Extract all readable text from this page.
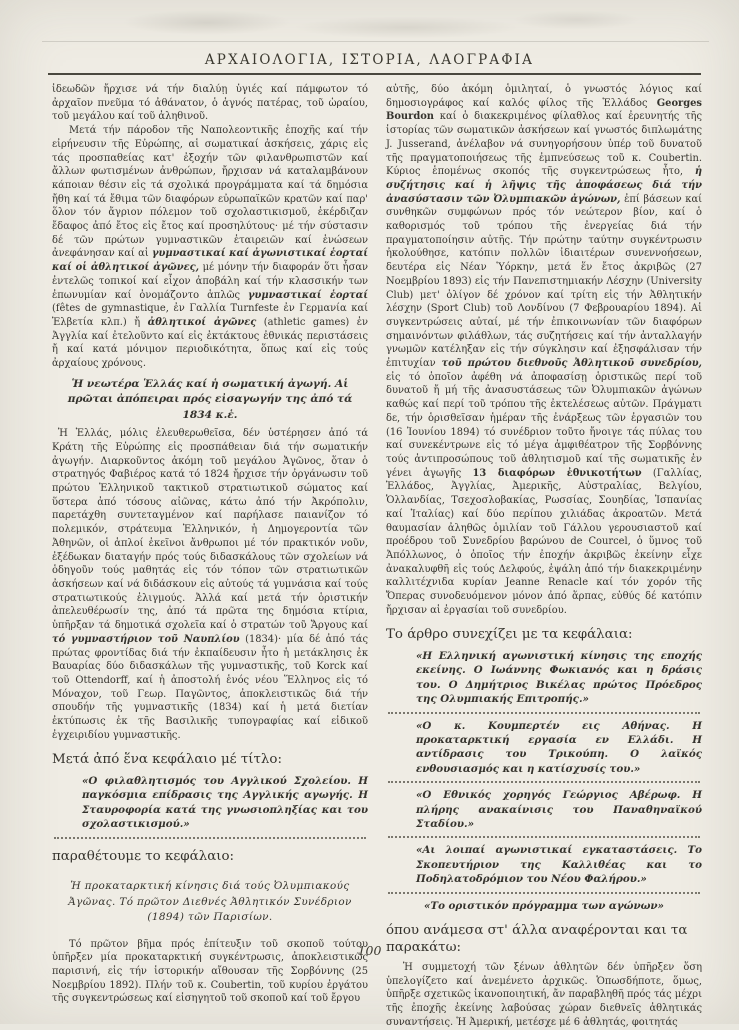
ΑΡΧΑΙΟΛΟΓΙΑ, ΙΣΤΟΡΙΑ, ΛΑΟΓΡΑΦΙΑ

ἰδεωδῶν ἤρχισε νά τήν διαλύῃ ὑγιές καί πάμφωτον τό ἀρχαῖον πνεῦμα τό ἀθάνατον, ὁ ἁγνός πατέρας, τοῦ ὡραίου, τοῦ μεγάλου καί τοῦ ἀληθινοῦ.

Μετά τήν πάροδον τῆς Ναπολεοντικῆς ἐποχῆς καί τήν εἰρήνευσιν τῆς Εὐρώπης, αἱ σωματικαί ἀσκήσεις, χάρις εἰς τάς προσπαθείας κατ' ἐξοχήν τῶν φιλανθρωπιστῶν καί ἄλλων φωτισμένων ἀνθρώπων, ἤρχισαν νά καταλαμβάνουν κάποιαν θέσιν εἰς τά σχολικά προγράμματα καί τά δημόσια ἤθη καί τά ἔθιμα τῶν διαφόρων εὐρωπαϊκῶν κρατῶν καί παρ' ὅλον τόν ἄγριον πόλεμον τοῦ σχολαστικισμοῦ, ἐκέρδιζαν ἔδαφος ἀπό ἔτος εἰς ἔτος καί προσηλύτους· μέ τήν σύστασιν δέ τῶν πρώτων γυμναστικῶν ἑταιρειῶν καί ἑνώσεων ἀνεφάνησαν καί αἱ γυμναστικαί καί ἀγωνιστικαί ἑορταί καί οἱ ἀθλητικοί ἀγῶνες, μέ μόνην τήν διαφοράν ὅτι ἦσαν ἐντελῶς τοπικοί καί εἶχον ἀποβάλη καί τήν κλασσικήν των ἐπωνυμίαν καί ὀνομάζοντο ἁπλῶς γυμναστικαί ἑορταί (fêtes de gymnastique, ἐν Γαλλία Turnfeste ἐν Γερμανία καί Ἑλβετία κλπ.) ἤ ἀθλητικοί ἀγῶνες (athletic games) ἐν Ἀγγλία καί ἐτελοῦντο καί εἰς ἐκτάκτους ἐθνικάς περιστάσεις ἤ καί κατά μόνιμον περιοδικότητα, ὅπως καί εἰς τούς ἀρχαίους χρόνους.

Ἡ νεωτέρα Ἑλλάς καί ἡ σωματική ἀγωγή. Αἱ πρῶται ἀπόπειραι πρός εἰσαγωγήν της ἀπό τά 1834 κ.ἑ.

Ἡ Ἑλλάς, μόλις ἐλευθερωθεῖσα, δέν ὑστέρησεν ἀπό τά Κράτη τῆς Εὐρώπης εἰς προσπάθειαν διά τήν σωματικήν ἀγωγήν. Διαρκοῦντος ἀκόμη τοῦ μεγάλου Ἀγῶνος, ὅταν ὁ στρατηγός Φαβιέρος κατά τό 1824 ἤρχισε τήν ὀργάνωσιν τοῦ πρώτου Ἑλληνικοῦ τακτικοῦ στρατιωτικοῦ σώματος καί ὕστερα ἀπό τόσους αἰῶνας, κάτω ἀπό τήν Ἀκρόπολιν, παρετάχθη συντεταγμένον καί παρήλασε παιανίζον τό πολεμικόν, στράτευμα Ἑλληνικόν, ἡ Δημογεροντία τῶν Ἀθηνῶν, οἱ ἁπλοί ἐκεῖνοι ἄνθρωποι μέ τόν πρακτικόν νοῦν, ἐξέδωκαν διαταγήν πρός τούς διδασκάλους τῶν σχολείων νά ὁδηγοῦν τούς μαθητάς εἰς τόν τόπον τῶν στρατιωτικῶν ἀσκήσεων καί νά διδάσκουν εἰς αὐτούς τά γυμνάσια καί τούς στρατιωτικούς ἑλιγμούς. Ἀλλά καί μετά τήν ὁριστικήν ἀπελευθέρωσίν της, ἀπό τά πρῶτα της δημόσια κτίρια, ὑπῆρξαν τά δημοτικά σχολεῖα καί ὁ στρατών τοῦ Ἄργους καί τό γυμναστήριον τοῦ Ναυπλίου (1834)· μία δέ ἀπό τάς πρώτας φροντίδας διά τήν ἐκπαίδευσιν ἦτο ἡ μετάκλησις ἐκ Βαυαρίας δύο διδασκάλων τῆς γυμναστικῆς, τοῦ Korck καί τοῦ Ottendorff, καί ἡ ἀποστολή ἑνός νέου Ἕλληνος εἰς τό Μόναχον, τοῦ Γεωρ. Παγῶντος, ἀποκλειστικῶς διά τήν σπουδήν τῆς γυμναστικῆς (1834) καί ἡ μετά διετίαν ἐκτύπωσις ἐκ τῆς Βασιλικῆς τυπογραφίας καί εἰδικοῦ ἐγχειριδίου γυμναστικῆς.

Μετά ἀπό ἕνα κεφάλαιο μέ τίτλο:

«Ο φιλαθλητισμός του Αγγλικού Σχολείου. Η παγκόσμια επίδρασις της Αγγλικής αγωγής. Η Σταυροφορία κατά της γνωσιοπληξίας και του σχολαστικισμού.»

παραθέτουμε το κεφάλαιο:

Ἡ προκαταρκτική κίνησις διά τούς Ὀλυμπιακούς Ἀγῶνας. Τό πρῶτον Διεθνές Ἀθλητικόν Συνέδριον (1894) τῶν Παρισίων.

Τό πρῶτον βῆμα πρός ἐπίτευξιν τοῦ σκοποῦ τούτου ὑπῆρξεν μία προκαταρκτική συγκέντρωσις, ἀποκλειστικῶς παρισινή, εἰς τήν ἱστορικήν αἴθουσαν τῆς Σορβόννης (25 Νοεμβρίου 1892). Πλήν τοῦ κ. Coubertin, τοῦ κυρίου ἐργάτου τῆς συγκεντρώσεως καί εἰσηγητοῦ τοῦ σκοποῦ καί τοῦ ἔργου

αὐτῆς, δύο ἀκόμη ὁμιληταί, ὁ γνωστός λόγιος καί δημοσιογράφος καί καλός φίλος τῆς Ἑλλάδος Georges Bourdon καί ὁ διακεκριμένος φίλαθλος καί ἐρευνητής τῆς ἱστορίας τῶν σωματικῶν ἀσκήσεων καί γνωστός διπλωμάτης J. Jusserand, ἀνέλαβον νά συνηγορήσουν ὑπέρ τοῦ δυνατοῦ τῆς πραγματοποιήσεως τῆς ἐμπνεύσεως τοῦ κ. Coubertin. Κύριος ἑπομένως σκοπός τῆς συγκεντρώσεως ἦτο, ἡ συζήτησις καί ἡ λῆψις τῆς ἀποφάσεως διά τήν ἀνασύστασιν τῶν Ὀλυμπιακῶν ἀγώνων, ἐπί βάσεων καί συνθηκῶν συμφώνων πρός τόν νεώτερον βίον, καί ὁ καθορισμός τοῦ τρόπου τῆς ἐνεργείας διά τήν πραγματοποίησιν αὐτῆς. Τήν πρώτην ταύτην συγκέντρωσιν ἠκολούθησε, κατόπιν πολλῶν ἰδιαιτέρων συνεννοήσεων, δευτέρα εἰς Νέαν Ὑόρκην, μετά ἕν ἔτος ἀκριβῶς (27 Νοεμβρίου 1893) εἰς τήν Πανεπιστημιακήν Λέσχην (University Club) μετ' ὀλίγον δέ χρόνον καί τρίτη εἰς τήν Ἀθλητικήν λέσχην (Sport Club) τοῦ Λονδίνου (7 Φεβρουαρίου 1894). Αἱ συγκεντρώσεις αὐταί, μέ τήν ἐπικοινωνίαν τῶν διαφόρων σημαινόντων φιλάθλων, τάς συζητήσεις καί τήν ἀνταλλαγήν γνωμῶν κατέληξαν εἰς τήν σύγκλησιν καί ἐξησφάλισαν τήν ἐπιτυχίαν τοῦ πρώτου διεθνοῦς Ἀθλητικοῦ συνεδρίου, εἰς τό ὁποῖον ἀφέθη νά ἀποφασίσῃ ὁριστικῶς περί τοῦ δυνατοῦ ἤ μή τῆς ἀνασυστάσεως τῶν Ὀλυμπιακῶν ἀγώνων καθώς καί περί τοῦ τρόπου τῆς ἐκτελέσεως αὐτῶν. Πράγματι δε, τήν ὁρισθεῖσαν ἡμέραν τῆς ἐνάρξεως τῶν ἐργασιῶν του (16 Ἰουνίου 1894) τό συνέδριον τοῦτο ἤνοιγε τάς πύλας του καί συνεκέντρωνε εἰς τό μέγα ἀμφιθέατρον τῆς Σορβόννης τούς ἀντιπροσώπους τοῦ ἀθλητισμοῦ καί τῆς σωματικῆς ἐν γένει ἀγωγῆς 13 διαφόρων ἐθνικοτήτων (Γαλλίας, Ἑλλάδος, Ἀγγλίας, Ἀμερικῆς, Αὐστραλίας, Βελγίου, Ὁλλανδίας, Τσεχοσλοβακίας, Ρωσσίας, Σουηδίας, Ἱσπανίας καί Ἰταλίας) καί δύο περίπου χιλιάδας ἀκροατῶν. Μετά θαυμασίαν ἀληθῶς ὁμιλίαν τοῦ Γάλλου γερουσιαστοῦ καί προέδρου τοῦ Συνεδρίου βαρώνου de Courcel, ὁ ὕμνος τοῦ Ἀπόλλωνος, ὁ ὁποῖος τήν ἐποχήν ἀκριβῶς ἐκείνην εἶχε ἀνακαλυφθῆ εἰς τούς Δελφούς, ἐψάλη ἀπό τήν διακεκριμένην καλλιτέχνιδα κυρίαν Jeanne Renacle καί τόν χορόν τῆς Ὄπερας συνοδευόμενον μόνον ἀπό ἅρπας, εὐθύς δέ κατόπιν ἤρχισαν αἱ ἐργασίαι τοῦ συνεδρίου.

Το άρθρο συνεχίζει με τα κεφάλαια:

«Η Ελληνική αγωνιστική κίνησις της εποχής εκείνης. Ο Ιωάννης Φωκιανός και η δράσις του. Ο Δημήτριος Βικέλας πρώτος Πρόεδρος της Ολυμπιακής Επιτροπής.»
«Ο κ. Κουμπερτέν εις Αθήνας. Η προκαταρκτική εργασία εν Ελλάδι. Η αντίδρασις του Τρικούπη. Ο λαϊκός ενθουσιασμός και η κατίσχυσίς του.»
«Ο Εθνικός χορηγός Γεώργιος Αβέρωφ. Η πλήρης ανακαίνισις του Παναθηναϊκού Σταδίου.»
«Αι λοιπαί αγωνιστικαί εγκαταστάσεις. Το Σκοπευτήριον της Καλλιθέας και το Ποδηλατοδρόμιον του Νέου Φαλήρου.»
«Το οριστικόν πρόγραμμα των αγώνων»

όπου ανάμεσα στ' άλλα αναφέρονται και τα παρακάτω:

Ἡ συμμετοχή τῶν ξένων ἀθλητῶν δέν ὑπῆρξεν ὅση ὑπελογίζετο καί ἀνεμένετο ἀρχικῶς. Ὁπωσδήποτε, ὅμως, ὑπῆρξε σχετικῶς ἱκανοποιητική, ἄν παραβληθῆ πρός τάς μέχρι τῆς ἐποχῆς ἐκείνης λαβούσας χώραν διεθνεῖς ἀθλητικάς συναντήσεις. Ἡ Ἀμερική, μετέσχε μέ 6 ἀθλητάς, φοιτητάς

100
